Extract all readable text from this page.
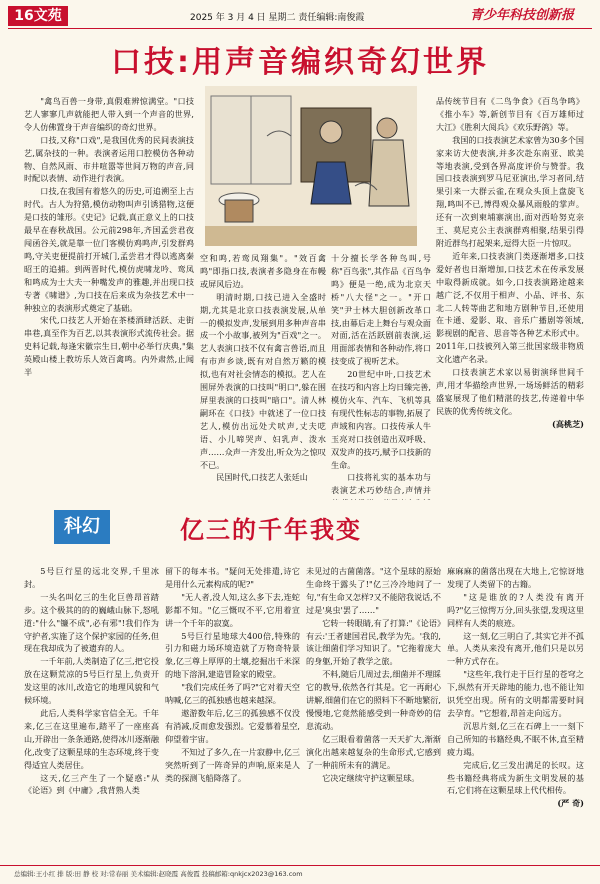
16文苑	2025 年 3 月 4 日 星期二 责任编辑:南俊霞	青少年科技创新报
口技:用声音编织奇幻世界

"禽鸟百兽一身带,真假难辨惊满堂。"口技艺人寥寥几声就能把人带入到一个声音的世界,令人仿佛置身于声音编织的奇幻世界。

口技,又称"口戏",是我国优秀的民间表演技艺,属杂技的一种。表演者运用口腔模仿各种动物、自然风雨、市井喧嚣等世间万物的声音,同时配以表情、动作进行表演。

口技,在我国有着悠久的历史,可追溯至上古时代。古人为狩猎,模仿动物叫声引诱猎物,这便是口技的雏形。《史记》记载,真正意义上的口技最早在春秋战国。公元前298年,齐国孟尝君夜闯函谷关,就是靠一位门客模仿鸡鸣声,引发群鸡鸣,守关吏便提前打开城门,孟尝君才得以逃离秦昭王的追捕。到两晋时代,模仿虎啸龙吟、鸾凤和鸣成为士大夫一种嘴发声的雅趣,并出现口技专著《啸谱》,为口技在后来成为杂技艺术中一种独立的表演形式奠定了基础。

宋代,口技艺人开始在茶楼酒肆活跃、走街串巷,真至作为百艺,以其表演形式流传社会。据史料记载,每逢宋徽宗生日,朝中必举行庆典,"集英殿山楼上教坊乐人效百禽鸣。内外肃然,止闻半

空和鸣,若鸾凤翔集"。"效百禽鸣"即指口技,表演者多隐身在布幔或屏风后边。

明清时期,口技已进入全盛时期,尤其是北京口技表演发展,从单一的模拟发声,发展到用多种声音串成一个小故事,被列为"百戏"之一。艺人表演口技不仅有禽言兽语,而且有市声乡谈,既有对自然万籁的模拟,也有对社会情态的模拟。艺人在围屏外表演的口技叫"明口",躲在围屏里表演的口技叫"暗口"。清人林嗣环在《口技》中就述了一位口技艺人,模仿出远处犬吠声,丈夫呓语、小儿啼哭声、妇乳声、泼水声……众声一齐发出,听众为之惊叹不已。

民国时代,口技艺人张廷山

十分擅长学各种鸟叫,号称"百鸟张",其作品《百鸟争鸣》便是一绝,成为北京天桥"八大怪"之一。"开口笑"尹士林大胆创新改革口技,由幕后走上舞台与观众面对面,活在活跃剧前表演,运用面部表情和各种动作,将口技变成了视听艺术。

20世纪中叶,口技艺术在技巧和内容上均日臻完善,模仿火车、汽车、飞机等具有现代性标志的事物,拓展了声域和内容。口技传承人牛玉亮对口技创造出双呼吸、双发声的技巧,赋予口技新的生命。

口技将礼实的基本功与表演艺术巧妙结合,声情并

品传统节目有《二鸟争食》《百鸟争鸣》《推小车》等,新创节目有《百万雄师过大江》《胜利大阅兵》《欢乐野鸽》等。

我国的口技表演艺术家曾为30多个国家来访大使表演,并多次赴东南亚、欧美等地表演,受到各界高度评价与赞誉。我国口技表演到罗马尼亚演出,学习者同,结果引来一大群云雀,在观众头顶上盘旋飞翔,鸣叫不已,博得观众暴风雨般的掌声。还有一次到柬埔寨演出,面对西哈努克亲王、莫尼克公主表演群鸡相聚,结果引得附近群鸟打起架来,逗得大臣一片惊叹。

近年来,口技表演门类逐渐增多,口技爱好者也日渐增加,口技艺术在传承发展中取得新成就。如今,口技表演路途越来越广泛,不仅用于相声、小品、评书、东北二人转等曲艺和地方剧种节目,还使用在卡通、爱影、取、音乐广播剧等领域,影视剧的配音、思音等各种艺术形式中。2011年,口技被列入第三批国家级非物质文化遗产名录。

口技表演艺术家以易街演绎世间千声,用才华描绘声世界,一场场鲜活的精彩盛宴展现了他们精湛的技艺,传递着中华民族的优秀传统文化。

(高桃芝)
科幻	亿三的千年我变

5号巨行星的远北交界,千里冰封。

一头名叫亿三的生化巨兽昂首踏步。这个极其的的的巍峨山脉下,怒吼道:"什么"镰不成",必有邪"!我们作为守护者,实施了这个保护家园的任务,但现在我却成为了被遗弃的人。

一千年前,人类制造了亿三,把它投放在这颗荒凉的5号巨行星上,负责开发这里的冰川,改造它的地理风貌和气候环境。

此后,人类科学家官信全无。千年来,亿三在这里遍布,踏平了一座座高山,开辟出一条条通路,使得冰川逐渐融化,改变了这颗星球的生态环境,终于变得适宜人类居住。

这天,亿三产生了一个疑惑:"从《论语》到《中庸》,我背熟人类

留下的每本书。"疑问无处排遣,诗它是用什么元素构成的呢?"

"无人者,没人知,这么多下去,连蛇影都不知。"亿三慨叹不平,它用着宣讲一个千年的寂寞。

5号巨行星地球大400倍,特殊的引力和磁力场环境造就了万物奇特景象,亿三尊上厚厚的土壤,挖掘出千米深的地下溶洞,建造冒险家的殿堂。

"我们完成任务了吗?"它对着天空呐喊,亿三的孤独感也越来越深。

遨游数年后,亿三的孤独感不仅没有消减,反而愈发强烈。它爱慕着星空,仰望着宇宙。

不知过了多久,在一片寂静中,亿三突然听到了一阵奇异的声响,原来是人类的探测飞船降落了。

未见过的古菌菌落。"这个星球的原始生命终于露头了!"亿三冷冷地问了一句,"有生命又怎样?又不能陪我说话,不过是'臭虫'罢了……"

它转一转眼睛,有了打算:"《论语》有云:'王者建国君民,教学为先。'我的,该让细菌们学习知识了。"它拖着庞大的身躯,开始了教学之旅。

不料,随后几周过去,细菌并不理睬它的教导,依然各行其是。它一再耐心讲解,细菌们在它的照料下不断地繁衍,慢慢地,它竟然能感受到一种奇妙的信息流动。

亿三眼看着菌落一天天扩大,渐渐演化出越来越复杂的生命形式,它感到了一种前所未有的满足。

它决定继续守护这颗星球。

麻麻麻的菌落出现在大地上,它惊讶地发现了人类留下的古籍。

"这是谁放的?人类没有离开吗?"亿三惊愕万分,回头张望,发现这里同样有人类的痕迹。

这一刻,亿三明白了,其实它并不孤单。人类从来没有离开,他们只是以另一种方式存在。

"这些年,我行走于巨行星的苍穹之下,纵然有开天辟地的能力,也不能让知识凭空出现。所有的文明都需要时间去孕育。"它想着,昂首走向远方。

沉思片刻,亿三在石碑上一一刻下自己所知的书籍经典,不眠不休,直至精疲力竭。

完成后,亿三发出满足的长叹。这些书籍经典将成为新生文明发展的基石,它们将在这颗星球上代代相传。

(严 奇)
总编辑:王小红 排 版:田 静 校 对:常春丽 美术编辑:赵晓霞 高俊霞 投稿邮箱:qnkjcx2023@163.com
